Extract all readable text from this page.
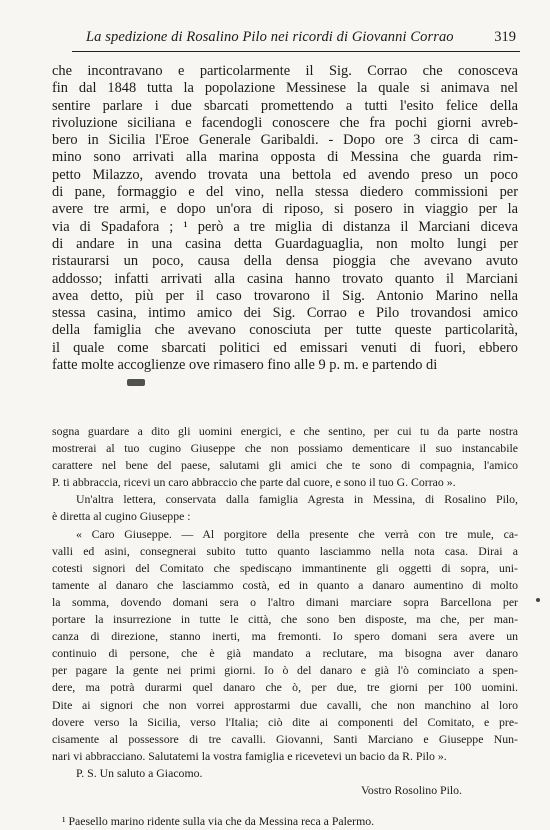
La spedizione di Rosalino Pilo nei ricordi di Giovanni Corrao	319
che incontravano e particolarmente il Sig. Corrao che conosceva
fin dal 1848 tutta la popolazione Messinese la quale si animava nel
sentire parlare i due sbarcati promettendo a tutti l'esito felice della
rivoluzione siciliana e facendogli conoscere che fra pochi giorni avreb-
bero in Sicilia l'Eroe Generale Garibaldi. - Dopo ore 3 circa di cam-
mino sono arrivati alla marina opposta di Messina che guarda rim-
petto Milazzo, avendo trovata una bettola ed avendo preso un poco
di pane, formaggio e del vino, nella stessa diedero commissioni per
avere tre armi, e dopo un'ora di riposo, si posero in viaggio per la
via di Spadafora ; ¹ però a tre miglia di distanza il Marciani diceva
di andare in una casina detta Guardaguaglia, non molto lungi per
ristaurarsi un poco, causa della densa pioggia che avevano avuto
addosso; infatti arrivati alla casina hanno trovato quanto il Marciani
avea detto, più per il caso trovarono il Sig. Antonio Marino nella
stessa casina, intimo amico dei Sig. Corrao e Pilo trovandosi amico
della famiglia che avevano conosciuta per tutte queste particolarità,
il quale come sbarcati politici ed emissari venuti di fuori, ebbero
fatte molte accoglienze ove rimasero fino alle 9 p. m. e partendo di
sogna guardare a dito gli uomini energici, e che sentino, per cui tu da parte nostra
mostrerai al tuo cugino Giuseppe che non possiamo dementicare il suo instancabile
carattere nel bene del paese, salutami gli amici che te sono di compagnia, l'amico
P. ti abbraccia, ricevi un caro abbraccio che parte dal cuore, e sono il tuo G. Corrao ».
Un'altra lettera, conservata dalla famiglia Agresta in Messina, di Rosalino Pilo,
è diretta al cugino Giuseppe :
« Caro Giuseppe. — Al porgitore della presente che verrà con tre mule, ca-
valli ed asini, consegnerai subito tutto quanto lasciammo nella nota casa. Dirai a
cotesti signori del Comitato che spedisca̗no immantinente gli oggetti di sopra, uni-
tamente al danaro che lasciammo costà, ed in quanto a danaro aumentino di molto
la somma, dovendo domani sera o l'altro dimani marciare sopra Barcellona per
portare la insurrezione in tutte le città, che sono ben disposte, ma che, per man-
canza di direzione, stanno inerti, ma fremonti. Io spero domani sera avere un
continuio di persone, che è già mandato a reclutare, ma bisogna aver danaro
per pagare la gente nei primi giorni. Io ò del danaro e già l'ò cominciato a spen-
dere, ma potrà durarmi quel danaro che ò, per due, tre giorni per 100 uomini.
Dite ai signori che non vorrei approstarmi due cavalli, che non manchino al loro
dovere verso la Sicilia, verso l'Italia; ciò dite ai componenti del Comitato, e pre-
cisamente al possessore di tre cavalli. Giovanni, Santi Marciano e Giuseppe Nun-
nari vi abbracciano. Salutatemi la vostra famiglia e ricevetevi un bacio da R. Pilo ».
P. S. Un saluto a Giacomo.
Vostro Rosolino Pilo.
¹ Paesello marino ridente sulla via che da Messina reca a Palermo.
